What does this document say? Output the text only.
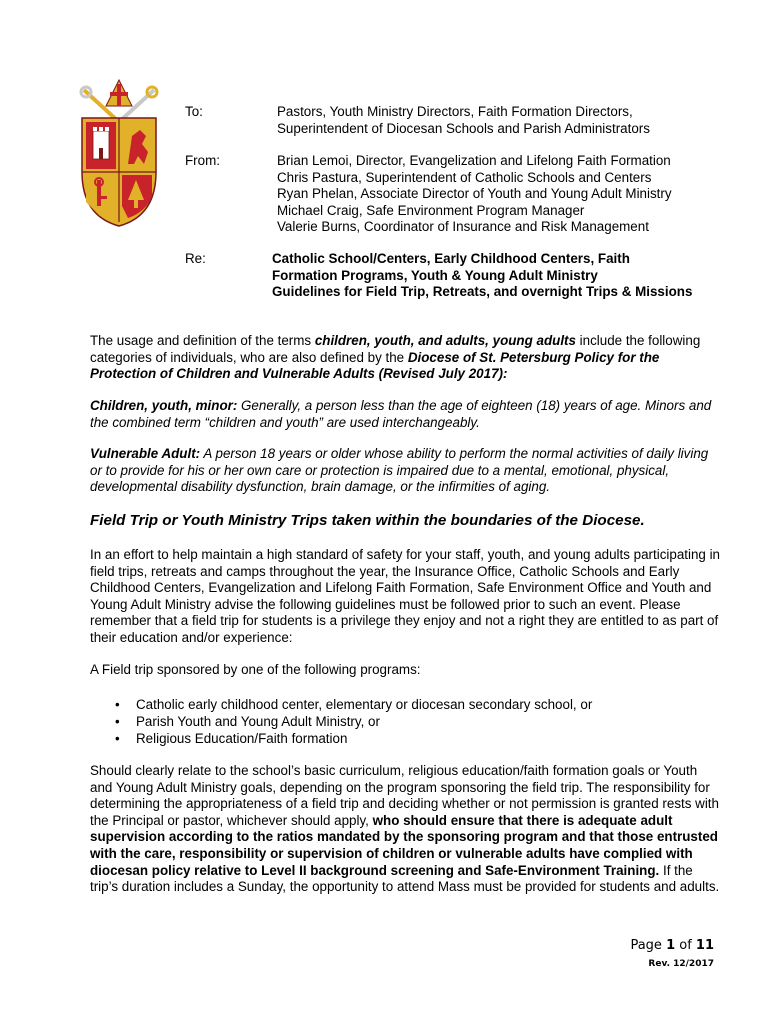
To:	Pastors, Youth Ministry Directors, Faith Formation Directors,
Superintendent of Diocesan Schools and Parish Administrators
From:	Brian Lemoi, Director, Evangelization and Lifelong Faith Formation
Chris Pastura, Superintendent of Catholic Schools and Centers
Ryan Phelan, Associate Director of Youth and Young Adult Ministry
Michael Craig, Safe Environment Program Manager
Valerie Burns, Coordinator of Insurance and Risk Management
Re:	Catholic School/Centers, Early Childhood Centers, Faith
Formation Programs, Youth & Young Adult Ministry
Guidelines for Field Trip, Retreats, and overnight Trips & Missions

The usage and definition of the terms children, youth, and adults, young adults include the following categories of individuals, who are also defined by the Diocese of St. Petersburg Policy for the Protection of Children and Vulnerable Adults (Revised July 2017):

Children, youth, minor: Generally, a person less than the age of eighteen (18) years of age. Minors and the combined term “children and youth” are used interchangeably.

Vulnerable Adult: A person 18 years or older whose ability to perform the normal activities of daily living or to provide for his or her own care or protection is impaired due to a mental, emotional, physical, developmental disability dysfunction, brain damage, or the infirmities of aging.

Field Trip or Youth Ministry Trips taken within the boundaries of the Diocese.

In an effort to help maintain a high standard of safety for your staff, youth, and young adults participating in field trips, retreats and camps throughout the year, the Insurance Office, Catholic Schools and Early Childhood Centers, Evangelization and Lifelong Faith Formation, Safe Environment Office and Youth and Young Adult Ministry advise the following guidelines must be followed prior to such an event. Please remember that a field trip for students is a privilege they enjoy and not a right they are entitled to as part of their education and/or experience:

A Field trip sponsored by one of the following programs:

• Catholic early childhood center, elementary or diocesan secondary school, or
• Parish Youth and Young Adult Ministry, or
• Religious Education/Faith formation

Should clearly relate to the school’s basic curriculum, religious education/faith formation goals or Youth and Young Adult Ministry goals, depending on the program sponsoring the field trip. The responsibility for determining the appropriateness of a field trip and deciding whether or not permission is granted rests with the Principal or pastor, whichever should apply, who should ensure that there is adequate adult supervision according to the ratios mandated by the sponsoring program and that those entrusted with the care, responsibility or supervision of children or vulnerable adults have complied with diocesan policy relative to Level II background screening and Safe-Environment Training. If the trip’s duration includes a Sunday, the opportunity to attend Mass must be provided for students and adults.

Page 1 of 11
Rev. 12/2017
